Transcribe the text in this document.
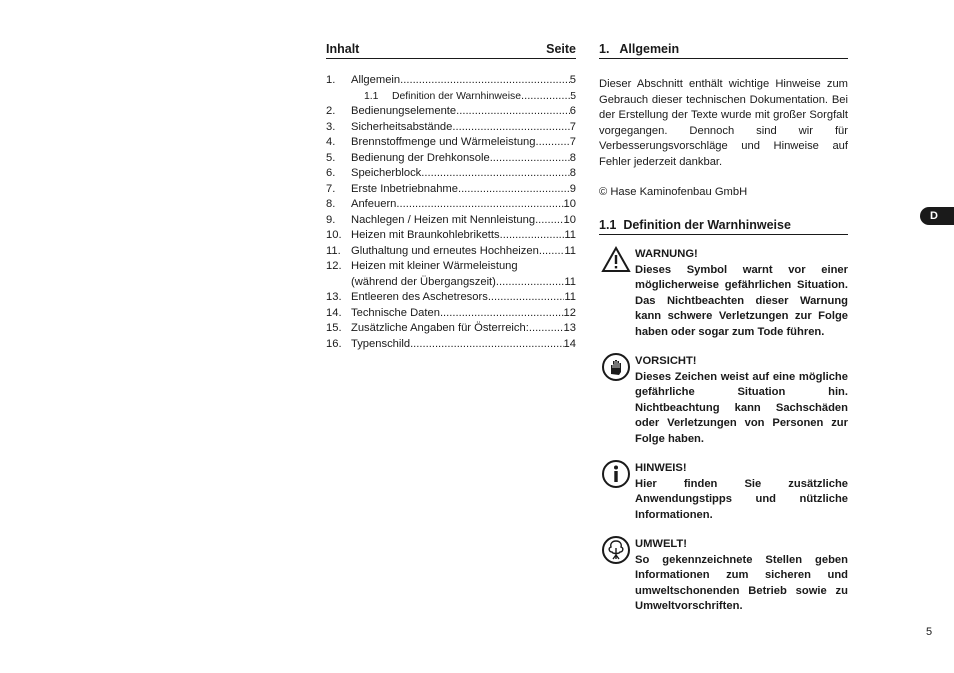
Inhalt	Seite
1.	Allgemein .....	5
1.1	Definition der Warnhinweise .....	5
2.	Bedienungselemente .....	6
3.	Sicherheitsabstände .....	7
4.	Brennstoffmenge und Wärmeleistung .....	7
5.	Bedienung der Drehkonsole .....	8
6.	Speicherblock .....	8
7.	Erste Inbetriebnahme .....	9
8.	Anfeuern .....	10
9.	Nachlegen / Heizen mit Nennleistung .....	10
10. Heizen mit Braunkohlebriketts .....	11
11. Gluthaltung und erneutes Hochheizen ..... 11
12. Heizen mit kleiner Wärmeleistung
(während der Übergangszeit) .....	11
13. Entleeren des Aschetresors .....	11
14. Technische Daten .....	12
15. Zusätzliche Angaben für Österreich: .....	13
16. Typenschild .....	14
1.   Allgemein

Dieser Abschnitt enthält wichtige Hinweise zum Gebrauch dieser technischen Dokumentation. Bei der Erstellung der Texte wurde mit großer Sorgfalt vorgegangen. Dennoch sind wir für Verbesserungsvorschläge und Hinweise auf Fehler jederzeit dankbar.

© Hase Kaminofenbau GmbH
1.1  Definition der Warnhinweise
WARNUNG!
Dieses Symbol warnt vor einer möglicherweise gefährlichen Situation. Das Nichtbeachten dieser Warnung kann schwere Verletzungen zur Folge haben oder sogar zum Tode führen.
VORSICHT!
Dieses Zeichen weist auf eine mögliche gefährliche Situation hin. Nichtbeachtung kann Sachschäden oder Verletzungen von Personen zur Folge haben.
HINWEIS!
Hier finden Sie zusätzliche Anwendungstipps und nützliche Informationen.
UMWELT!
So gekennzeichnete Stellen geben Informationen zum sicheren und umweltschonenden Betrieb sowie zu Umweltvorschriften.
D
5
